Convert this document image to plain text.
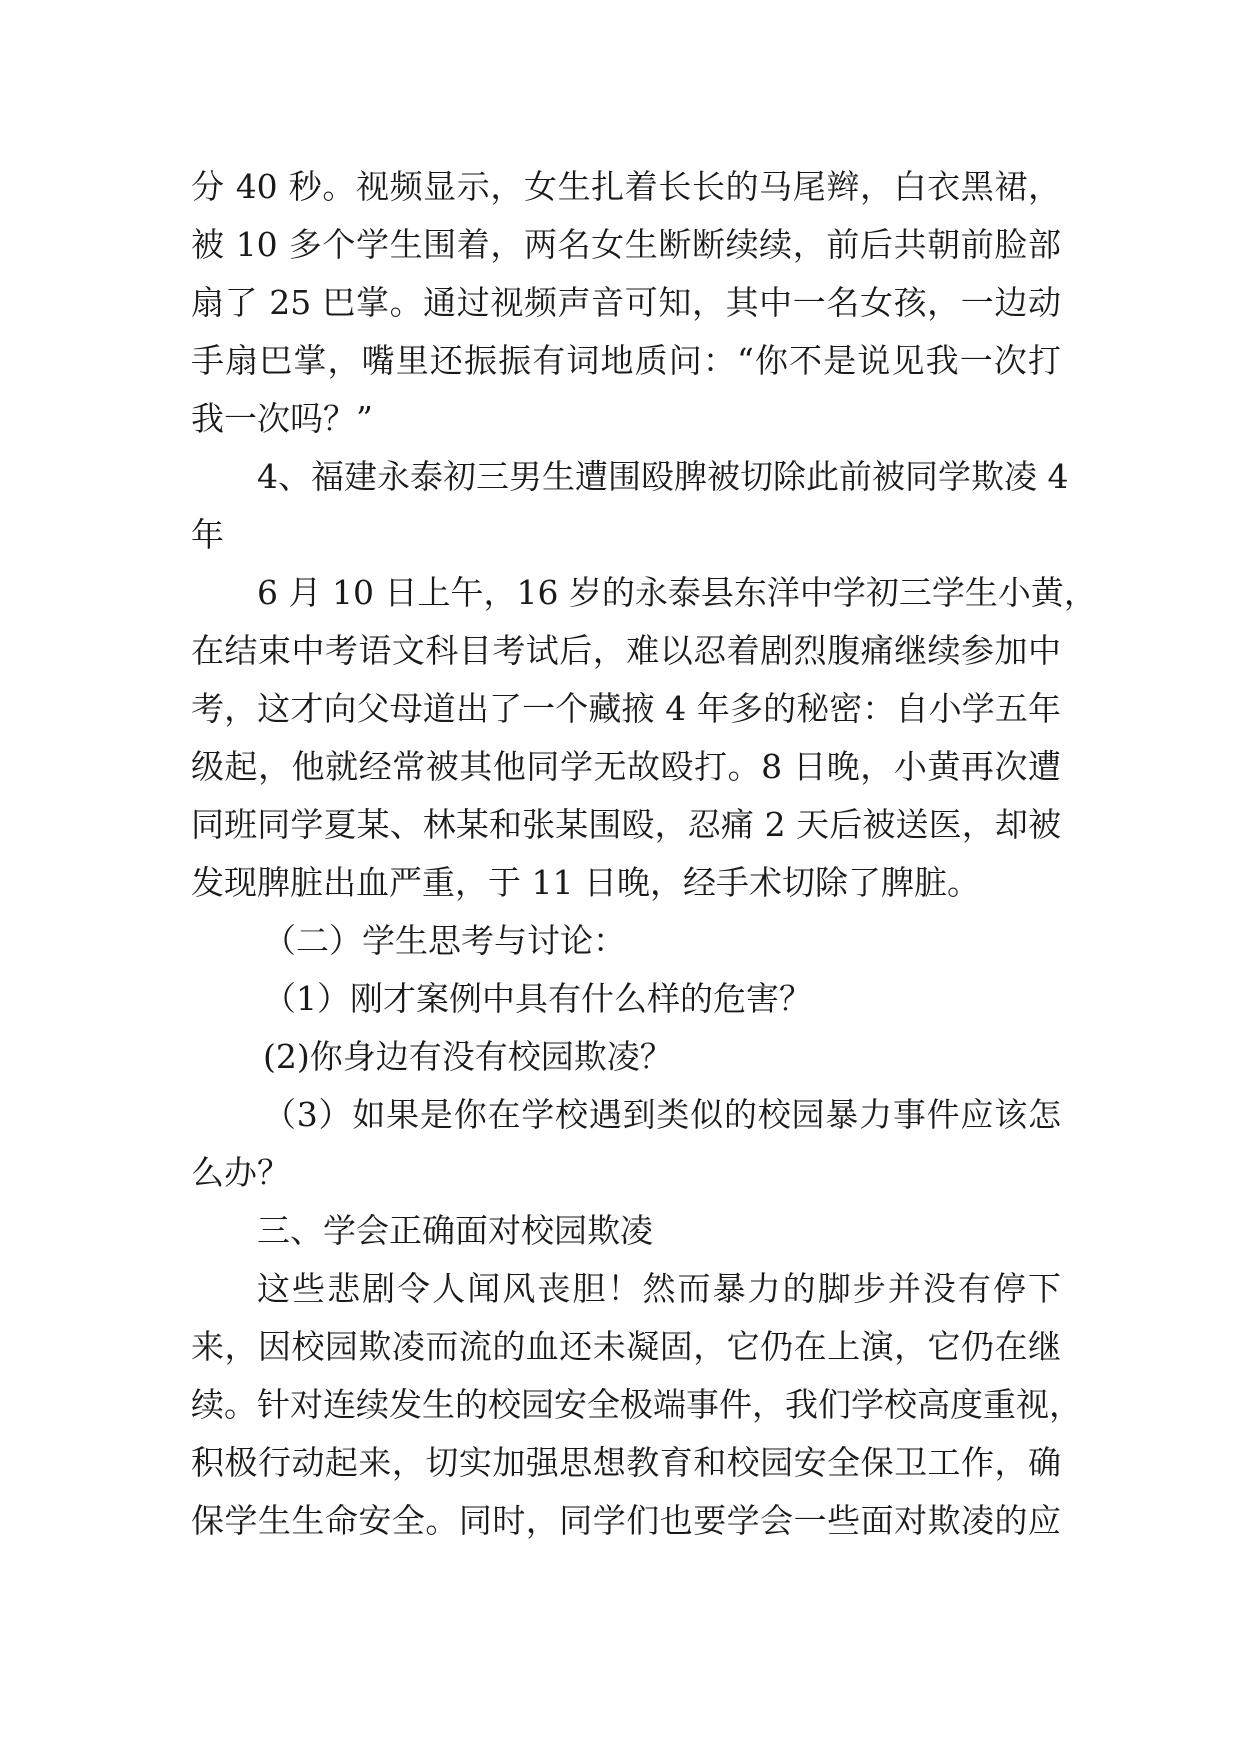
分 40 秒。视频显示，女生扎着长长的马尾辫，白衣黑裙，
被 10 多个学生围着，两名女生断断续续，前后共朝前脸部
扇了 25 巴掌。通过视频声音可知，其中一名女孩，一边动
手扇巴掌，嘴里还振振有词地质问：“你不是说见我一次打
我一次吗？”
4、福建永泰初三男生遭围殴脾被切除此前被同学欺凌 4
年
6 月 10 日上午，16 岁的永泰县东洋中学初三学生小黄，
在结束中考语文科目考试后，难以忍着剧烈腹痛继续参加中
考，这才向父母道出了一个藏掖 4 年多的秘密：自小学五年
级起，他就经常被其他同学无故殴打。8 日晚，小黄再次遭
同班同学夏某、林某和张某围殴，忍痛 2 天后被送医，却被
发现脾脏出血严重，于 11 日晚，经手术切除了脾脏。
（二）学生思考与讨论：
（1）刚才案例中具有什么样的危害？
(2)你身边有没有校园欺凌？
（3）如果是你在学校遇到类似的校园暴力事件应该怎
么办？
三、学会正确面对校园欺凌
这些悲剧令人闻风丧胆！然而暴力的脚步并没有停下
来，因校园欺凌而流的血还未凝固，它仍在上演，它仍在继
续。针对连续发生的校园安全极端事件，我们学校高度重视，
积极行动起来，切实加强思想教育和校园安全保卫工作，确
保学生生命安全。同时，同学们也要学会一些面对欺凌的应
